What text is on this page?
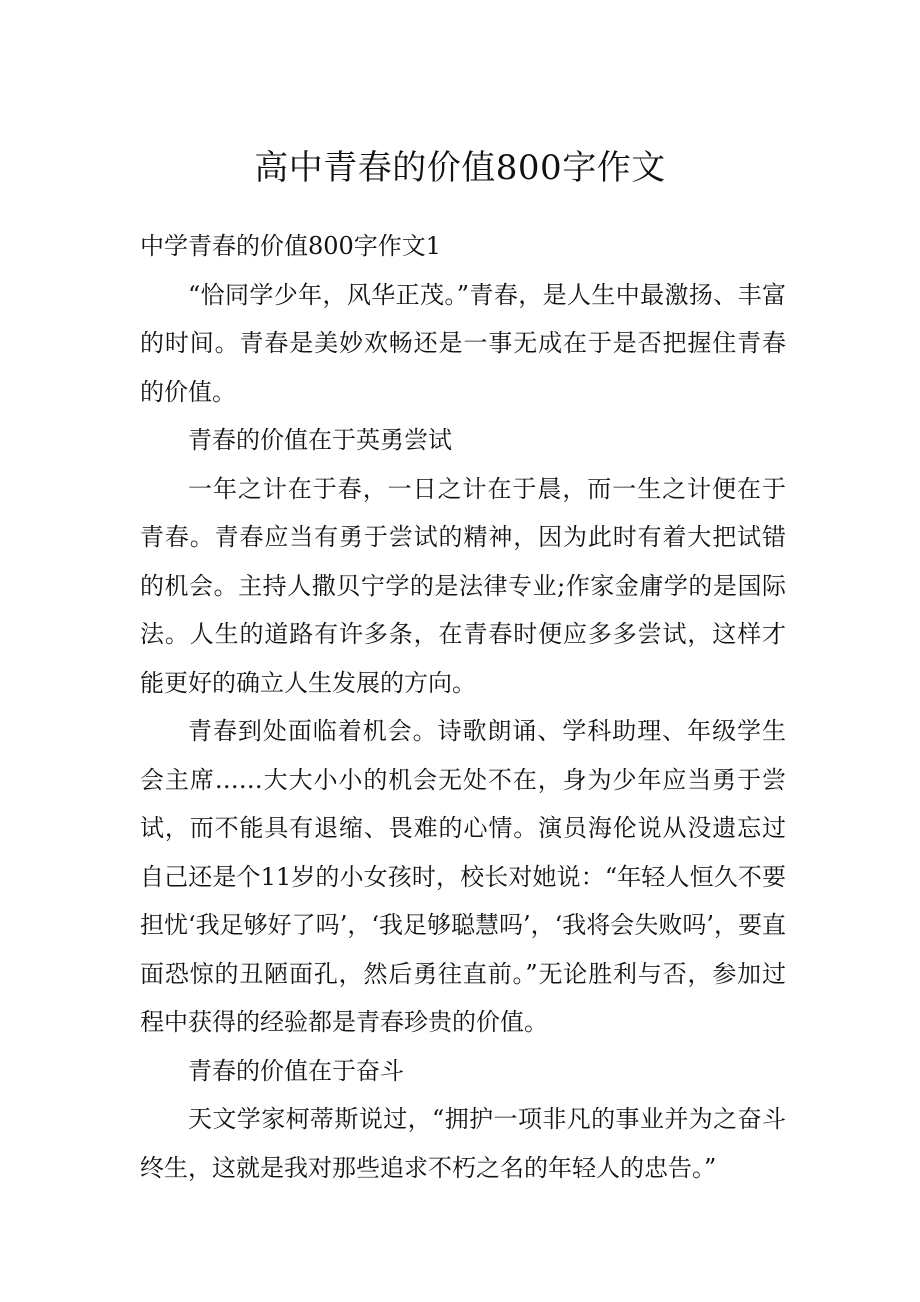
高中青春的价值800字作文

中学青春的价值800字作文1

“恰同学少年，风华正茂。”青春，是人生中最激扬、丰富的时间。青春是美妙欢畅还是一事无成在于是否把握住青春的价值。

青春的价值在于英勇尝试

一年之计在于春，一日之计在于晨，而一生之计便在于青春。青春应当有勇于尝试的精神，因为此时有着大把试错的机会。主持人撒贝宁学的是法律专业;作家金庸学的是国际法。人生的道路有许多条，在青春时便应多多尝试，这样才能更好的确立人生发展的方向。

青春到处面临着机会。诗歌朗诵、学科助理、年级学生会主席……大大小小的机会无处不在，身为少年应当勇于尝试，而不能具有退缩、畏难的心情。演员海伦说从没遗忘过自己还是个11岁的小女孩时，校长对她说：“年轻人恒久不要担忧‘我足够好了吗’，‘我足够聪慧吗’，‘我将会失败吗’，要直面恐惊的丑陋面孔，然后勇往直前。”无论胜利与否，参加过程中获得的经验都是青春珍贵的价值。

青春的价值在于奋斗

天文学家柯蒂斯说过，“拥护一项非凡的事业并为之奋斗终生，这就是我对那些追求不朽之名的年轻人的忠告。”
